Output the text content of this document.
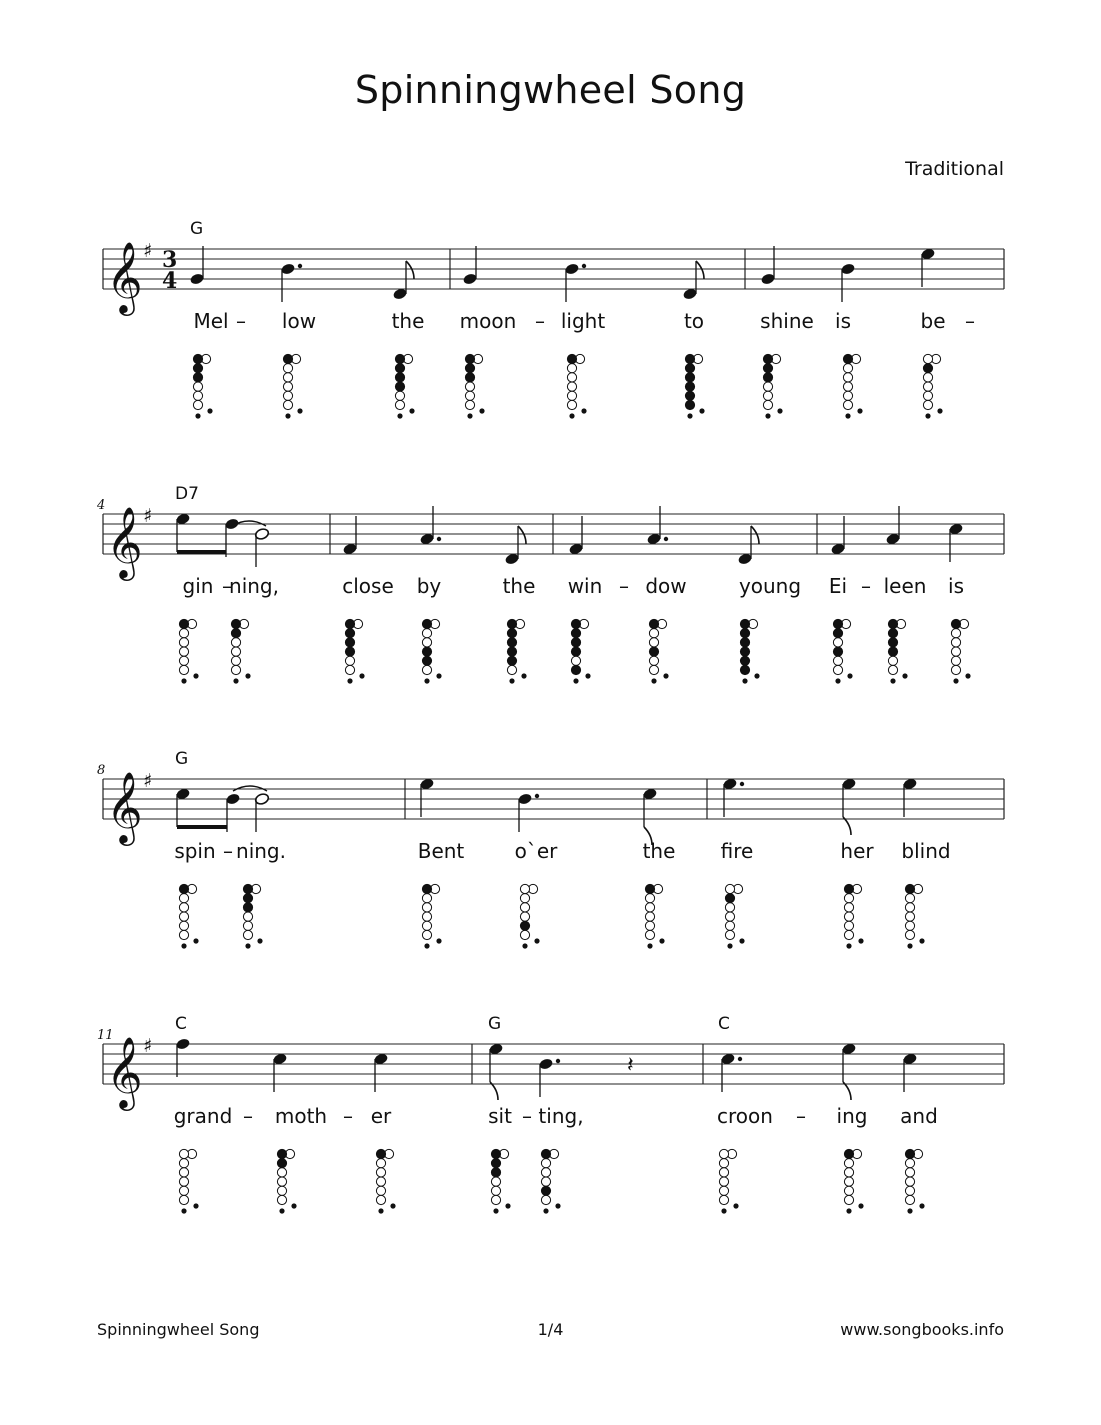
Spinningwheel Song
Traditional
G
𝄞 ♯ 3
4
Mel – low	the moon – light	to	shine is	be –
4
D7
𝄞 ♯
gin –
ning,	close by	the win – dow	young Ei – leen is
8
G
𝄞 ♯
spin – ning.	Bent	o`er	the fire	her blind
11
C	G	C
𝄞 ♯
𝄽
grand – moth – er	sit – ting,	croon – ing and
Spinningwheel Song	1/4	www.songbooks.info
